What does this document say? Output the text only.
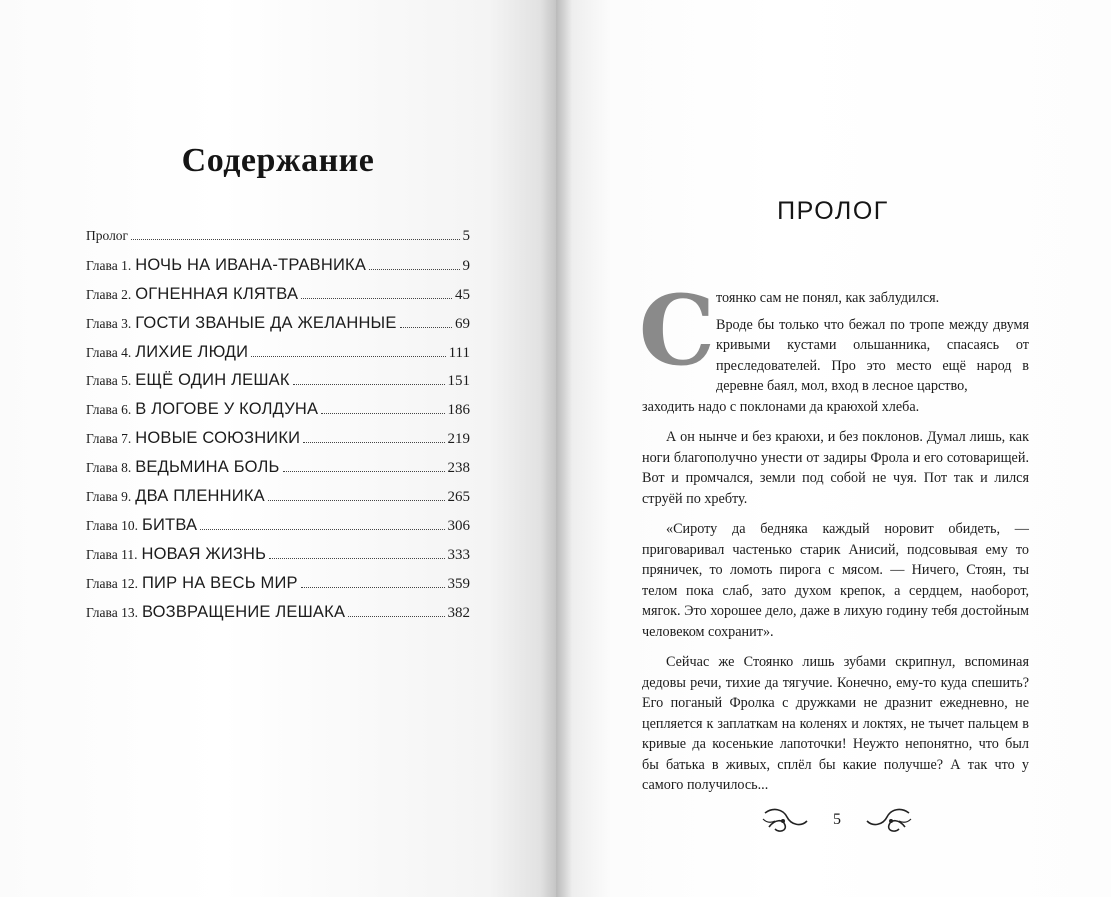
Содержание
Пролог	5
Глава 1. НОЧЬ НА ИВАНА-ТРАВНИКА	9
Глава 2. ОГНЕННАЯ КЛЯТВА	45
Глава 3. ГОСТИ ЗВАНЫЕ ДА ЖЕЛАННЫЕ	69
Глава 4. ЛИХИЕ ЛЮДИ	111
Глава 5. ЕЩЁ ОДИН ЛЕШАК	151
Глава 6. В ЛОГОВЕ У КОЛДУНА	186
Глава 7. НОВЫЕ СОЮЗНИКИ	219
Глава 8. ВЕДЬМИНА БОЛЬ	238
Глава 9. ДВА ПЛЕННИКА	265
Глава 10. БИТВА	306
Глава 11. НОВАЯ ЖИЗНЬ	333
Глава 12. ПИР НА ВЕСЬ МИР	359
Глава 13. ВОЗВРАЩЕНИЕ ЛЕШАКА	382
ПРОЛОГ
С тоянко сам не понял, как заблудился.

Вроде бы только что бежал по тропе между двумя кривыми кустами ольшанника, спасаясь от преследователей. Про это место ещё народ в деревне баял, мол, вход в лесное царство,

заходить надо с поклонами да краюхой хлеба.

А он нынче и без краюхи, и без поклонов. Думал лишь, как ноги благополучно унести от задиры Фрола и его сотоварищей. Вот и промчался, земли под собой не чуя. Пот так и лился струёй по хребту.

«Сироту да бедняка каждый норовит обидеть, — приговаривал частенько старик Анисий, подсовывая ему то пряничек, то ломоть пирога с мясом. — Ничего, Стоян, ты телом пока слаб, зато духом крепок, а сердцем, наоборот, мягок. Это хорошее дело, даже в лихую годину тебя достойным человеком сохранит».

Сейчас же Стоянко лишь зубами скрипнул, вспоминая дедовы речи, тихие да тягучие. Конечно, ему-то куда спешить? Его поганый Фролка с дружками не дразнит ежедневно, не цепляется к заплаткам на коленях и локтях, не тычет пальцем в кривые да косенькие лапоточки! Неужто непонятно, что был бы батька в живых, сплёл бы какие получше? А так что у самого получилось...

5
